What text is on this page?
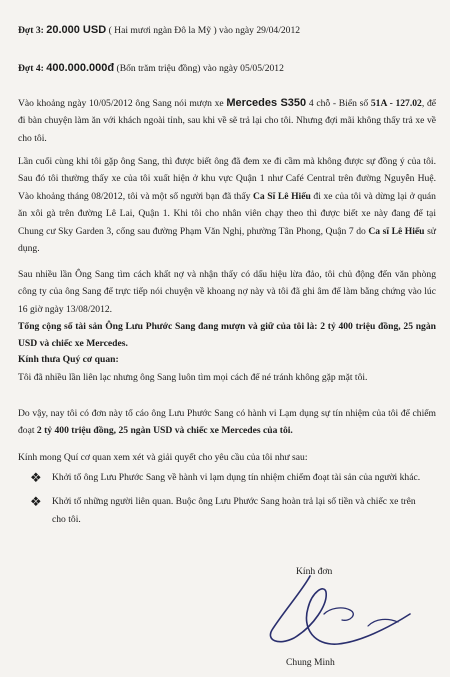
Đợt 3: 20.000 USD ( Hai mươi ngàn Đô la Mỹ ) vào ngày 29/04/2012
Đợt 4: 400.000.000đ (Bốn trăm triệu đồng) vào ngày 05/05/2012

Vào khoảng ngày 10/05/2012 ông Sang nói mượn xe Mercedes S350 4 chỗ - Biển số 51A - 127.02, để đi bàn chuyện làm ăn với khách ngoài tỉnh, sau khi về sẽ trả lại cho tôi. Nhưng đợi mãi không thấy trả xe về cho tôi.

Lần cuối cùng khi tôi gặp ông Sang, thì được biết ông đã đem xe đi cầm mà không được sự đồng ý của tôi. Sau đó tôi thường thấy xe của tôi xuất hiện ở khu vực Quận 1 như Café Central trên đường Nguyễn Huệ. Vào khoảng tháng 08/2012, tôi và một số người bạn đã thấy Ca Sĩ Lê Hiếu đi xe của tôi và dừng lại ở quán ăn xôi gà trên đường Lê Lai, Quận 1. Khi tôi cho nhân viên chạy theo thì được biết xe này đang để tại Chung cư Sky Garden 3, cổng sau đường Phạm Văn Nghị, phường Tân Phong, Quận 7 do Ca sĩ Lê Hiếu sử dụng.

Sau nhiều lần Ông Sang tìm cách khất nợ và nhận thấy có dấu hiệu lừa đảo, tôi chủ động đến văn phòng công ty của ông Sang để trực tiếp nói chuyện về khoang nợ này và tôi đã ghi âm để làm bằng chứng vào lúc 16 giờ ngày 13/08/2012.

Tổng cộng số tài sản Ông Lưu Phước Sang đang mượn và giữ của tôi là: 2 tỷ 400 triệu đồng, 25 ngàn USD và chiếc xe Mercedes.

Kính thưa Quý cơ quan:

Tôi đã nhiều lần liên lạc nhưng ông Sang luôn tìm mọi cách để né tránh không gặp mặt tôi.

Do vậy, nay tôi có đơn này tố cáo ông Lưu Phước Sang có hành vi Lạm dụng sự tín nhiệm của tôi để chiếm đoạt 2 tỷ 400 triệu đồng, 25 ngàn USD và chiếc xe Mercedes của tôi.

Kính mong Quí cơ quan xem xét và giải quyết cho yêu cầu của tôi như sau:

❖ Khởi tố ông Lưu Phước Sang về hành vi lạm dụng tín nhiệm chiếm đoạt tài sản của người khác.
❖ Khởi tố những người liên quan. Buộc ông Lưu Phước Sang hoàn trả lại số tiền và chiếc xe trên cho tôi.
Kính đơn
Chung Minh
